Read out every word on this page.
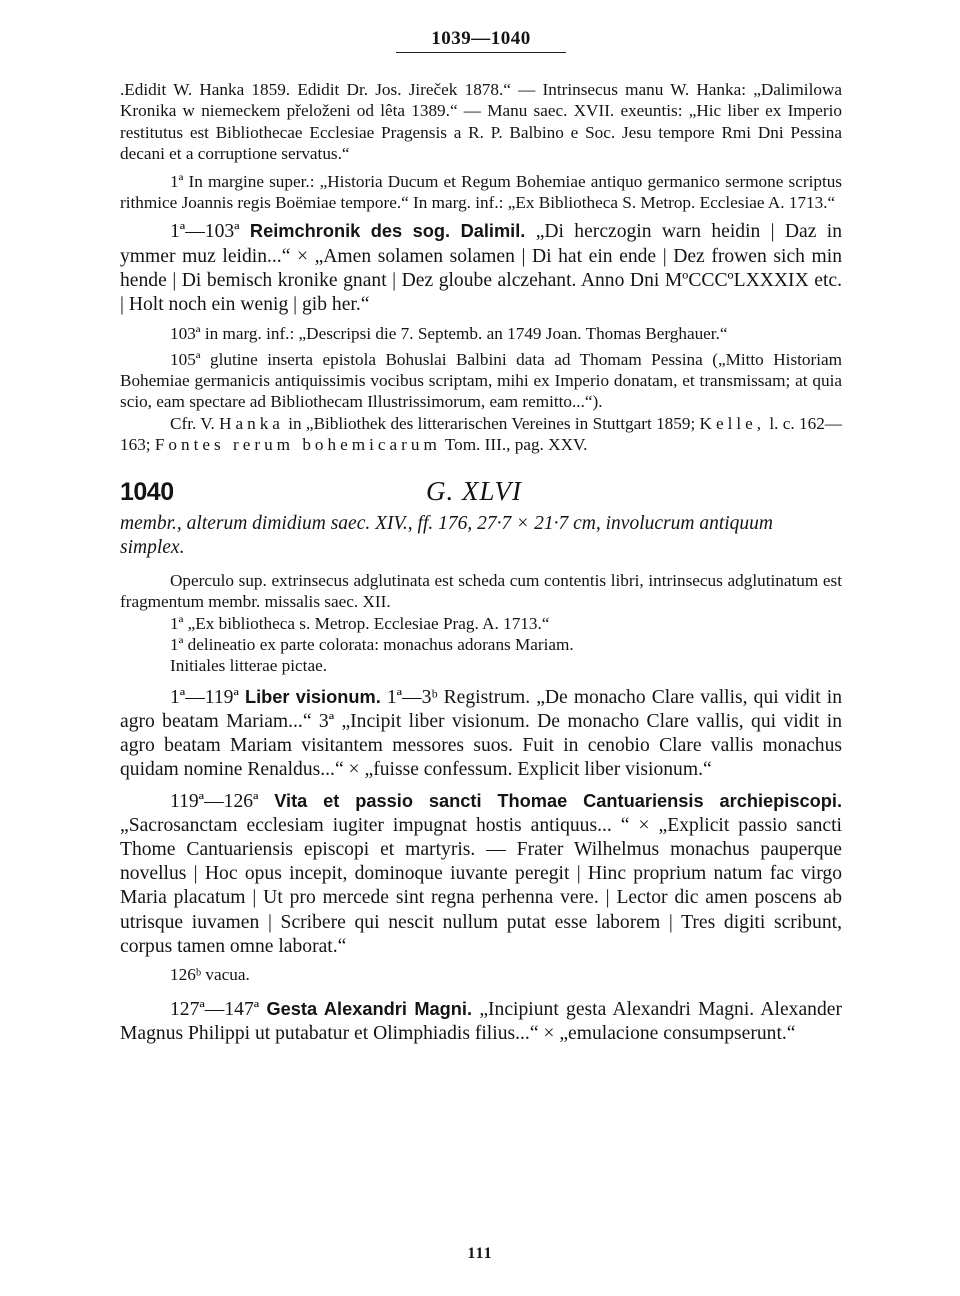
1039—1040

.Edidit W. Hanka 1859. Edidit Dr. Jos. Jireček 1878.“ — Intrinsecus manu W. Hanka: „Dalimilowa Kronika w niemeckem přeloženi od lêta 1389.“ — Manu saec. XVII. exeuntis: „Hic liber ex Imperio restitutus est Bibliothecae Ecclesiae Pragensis a R. P. Balbino e Soc. Jesu tempore Rmi Dni Pessina decani et a corruptione servatus.“

1ª In margine super.: „Historia Ducum et Regum Bohemiae antiquo germanico sermone scriptus rithmice Joannis regis Boëmiae tempore.“ In marg. inf.: „Ex Bibliotheca S. Metrop. Ecclesiae A. 1713.“

1ª—103ª Reimchronik des sog. Dalimil. „Di herczogin warn heidin | Daz in ymmer muz leidin...“ × „Amen solamen solamen | Di hat ein ende | Dez frowen sich min hende | Di bemisch kronike gnant | Dez gloube alczehant. Anno Dni MºCCCºLXXXIX etc. | Holt noch ein wenig | gib her.“

103ª in marg. inf.: „Descripsi die 7. Septemb. an 1749 Joan. Thomas Berghauer.“

105ª glutine inserta epistola Bohuslai Balbini data ad Thomam Pessina („Mitto Historiam Bohemiae germanicis antiquissimis vocibus scriptam, mihi ex Imperio donatam, et transmissam; at quia scio, eam spectare ad Bibliothecam Illustrissimorum, eam remitto...“).

Cfr. V. Hanka in „Bibliothek des litterarischen Vereines in Stuttgart 1859; Kelle, l. c. 162—163; Fontes rerum bohemicarum Tom. III., pag. XXV.

1040	G. XLVI

membr., alterum dimidium saec. XIV., ff. 176, 27·7 × 21·7 cm, involucrum antiquum simplex.

Operculo sup. extrinsecus adglutinata est scheda cum contentis libri, intrinsecus adglutinatum est fragmentum membr. missalis saec. XII.

1ª „Ex bibliotheca s. Metrop. Ecclesiae Prag. A. 1713.“

1ª delineatio ex parte colorata: monachus adorans Mariam.

Initiales litterae pictae.

1ª—119ª Liber visionum. 1ª—3ᵇ Registrum. „De monacho Clare vallis, qui vidit in agro beatam Mariam...“ 3ª „Incipit liber visionum. De monacho Clare vallis, qui vidit in agro beatam Mariam visitantem messores suos. Fuit in cenobio Clare vallis monachus quidam nomine Renaldus...“ × „fuisse confessum. Explicit liber visionum.“

119ª—126ª Vita et passio sancti Thomae Cantuariensis archiepiscopi. „Sacrosanctam ecclesiam iugiter impugnat hostis antiquus... “ × „Explicit passio sancti Thome Cantuariensis episcopi et martyris. — Frater Wilhelmus monachus pauperque novellus | Hoc opus incepit, dominoque iuvante peregit | Hinc proprium natum fac virgo Maria placatum | Ut pro mercede sint regna perhenna vere. | Lector dic amen poscens ab utrisque iuvamen | Scribere qui nescit nullum putat esse laborem | Tres digiti scribunt, corpus tamen omne laborat.“

126ᵇ vacua.

127ª—147ª Gesta Alexandri Magni. „Incipiunt gesta Alexandri Magni. Alexander Magnus Philippi ut putabatur et Olimphiadis filius...“ × „emulacione consumpserunt.“

111
